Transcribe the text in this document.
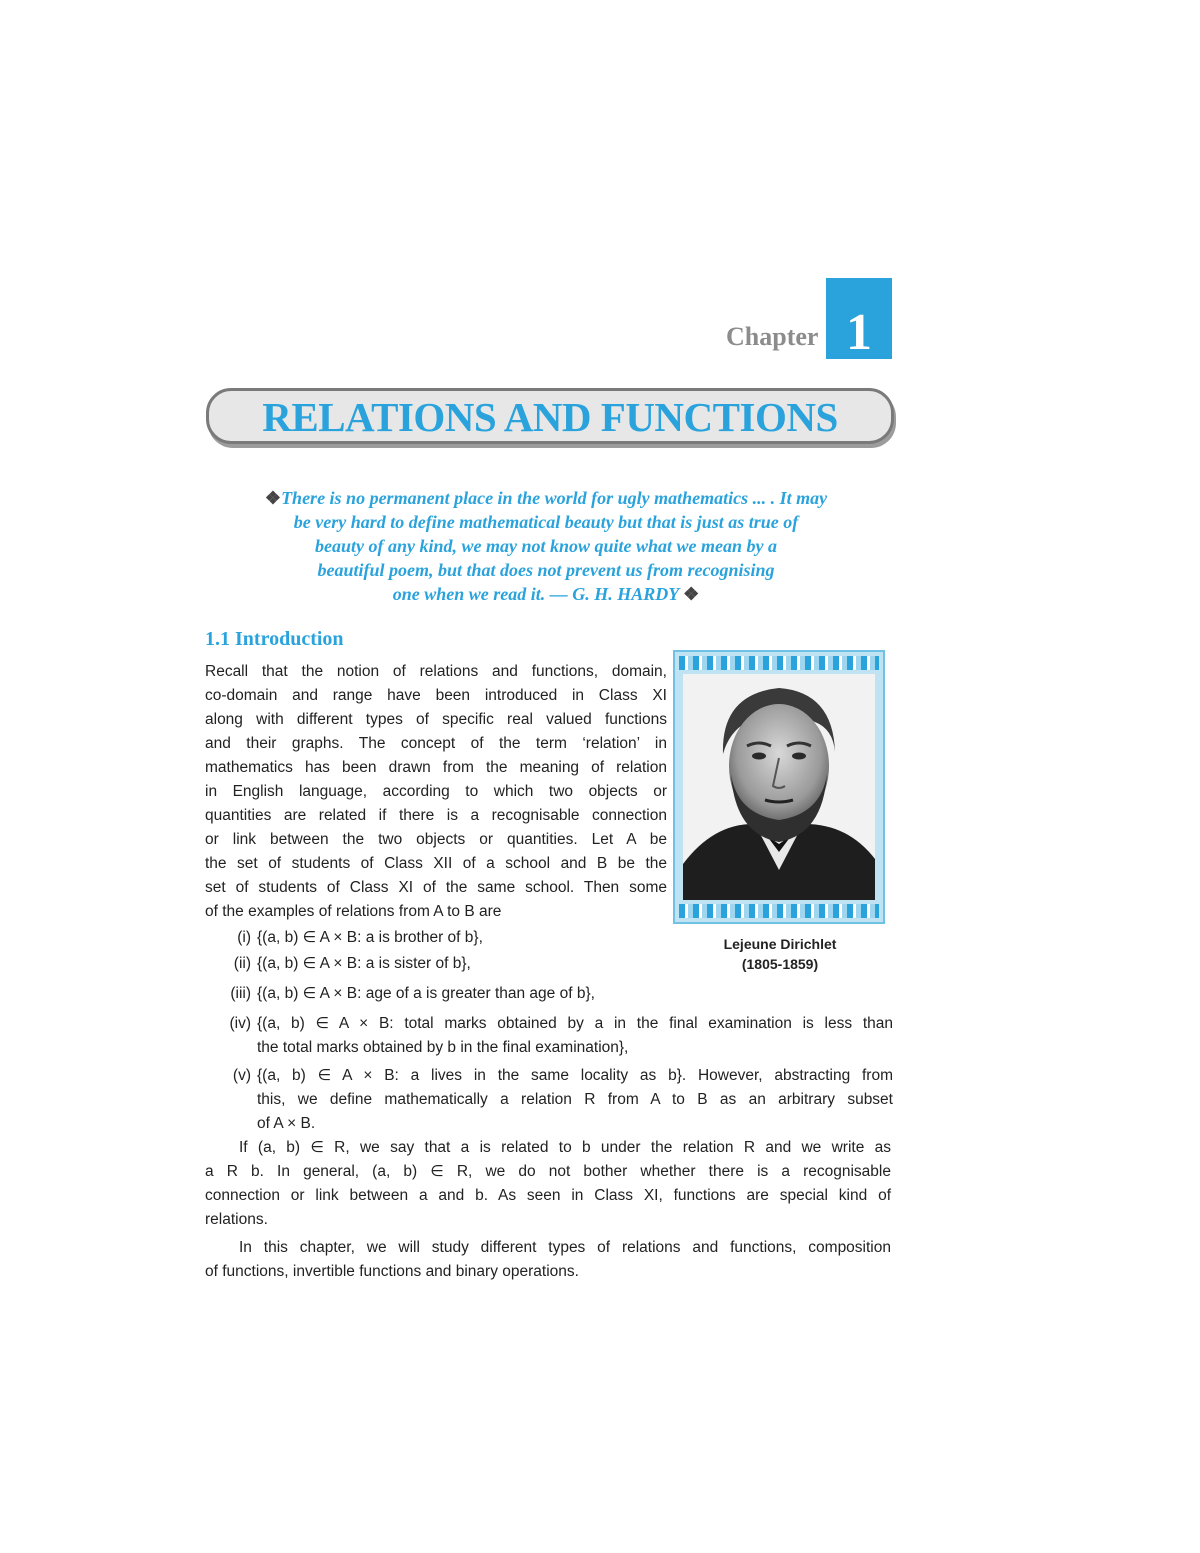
Chapter 1
RELATIONS AND FUNCTIONS
❖There is no permanent place in the world for ugly mathematics ... . It may
be very hard to define mathematical beauty but that is just as true of
beauty of any kind, we may not know quite what we mean by a
beautiful poem, but that does not prevent us from recognising
one when we read it. — G. H. HARDY ❖
1.1 Introduction
Recall that the notion of relations and functions, domain,
co-domain and range have been introduced in Class XI
along with different types of specific real valued functions
and their graphs. The concept of the term ‘relation’ in
mathematics has been drawn from the meaning of relation
in English language, according to which two objects or
quantities are related if there is a recognisable connection
or link between the two objects or quantities. Let A be
the set of students of Class XII of a school and B be the
set of students of Class XI of the same school. Then some
of the examples of relations from A to B are
Lejeune Dirichlet
(1805-1859)
(i) {(a, b) ∈ A × B: a is brother of b},
(ii) {(a, b) ∈ A × B: a is sister of b},
(iii) {(a, b) ∈ A × B: age of a is greater than age of b},
(iv) {(a, b) ∈ A × B: total marks obtained by a in the final examination is less than
the total marks obtained by b in the final examination},
(v) {(a, b) ∈ A × B: a lives in the same locality as b}. However, abstracting from
this, we define mathematically a relation R from A to B as an arbitrary subset
of A × B.
If (a, b) ∈ R, we say that a is related to b under the relation R and we write as
a R b. In general, (a, b) ∈ R, we do not bother whether there is a recognisable
connection or link between a and b. As seen in Class XI, functions are special kind of
relations.
In this chapter, we will study different types of relations and functions, composition
of functions, invertible functions and binary operations.
